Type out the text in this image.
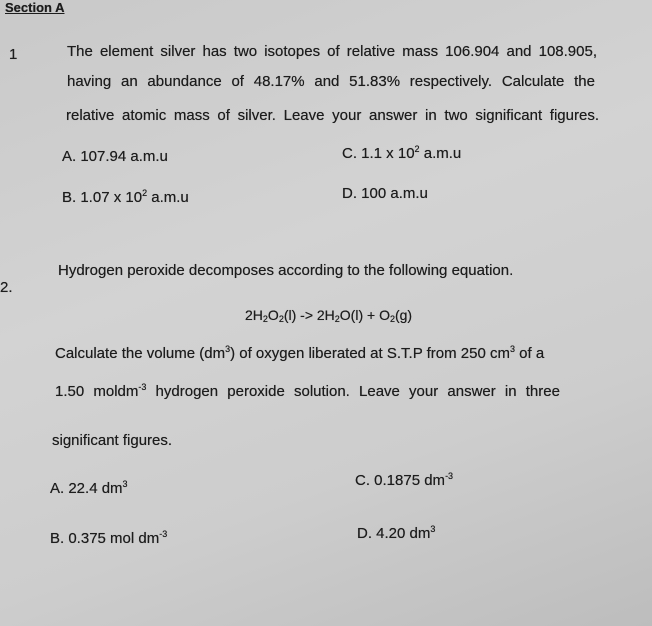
Section A
1	The element silver has two isotopes of relative mass 106.904 and 108.905,
having an abundance of 48.17% and 51.83% respectively. Calculate the
relative atomic mass of silver. Leave your answer in two significant figures.
A. 107.94 a.m.u	C. 1.1 x $10^2$ a.m.u
B. 1.07 x $10^2$ a.m.u	D. 100 a.m.u
2.
Hydrogen peroxide decomposes according to the following equation.
$2H_2O_2(l) -> 2H_2O(l) + O_2(g)$
Calculate the volume $(dm^3)$ of oxygen liberated at S.T.P from 250 $cm^3$ of a
1.50 moldm$^{-3}$ hydrogen peroxide solution. Leave your answer in three
significant figures.
A. 22.4 $dm^3$	C. 0.1875 $dm^{-3}$
B. 0.375 mol $dm^{-3}$	D. 4.20 $dm^3$
